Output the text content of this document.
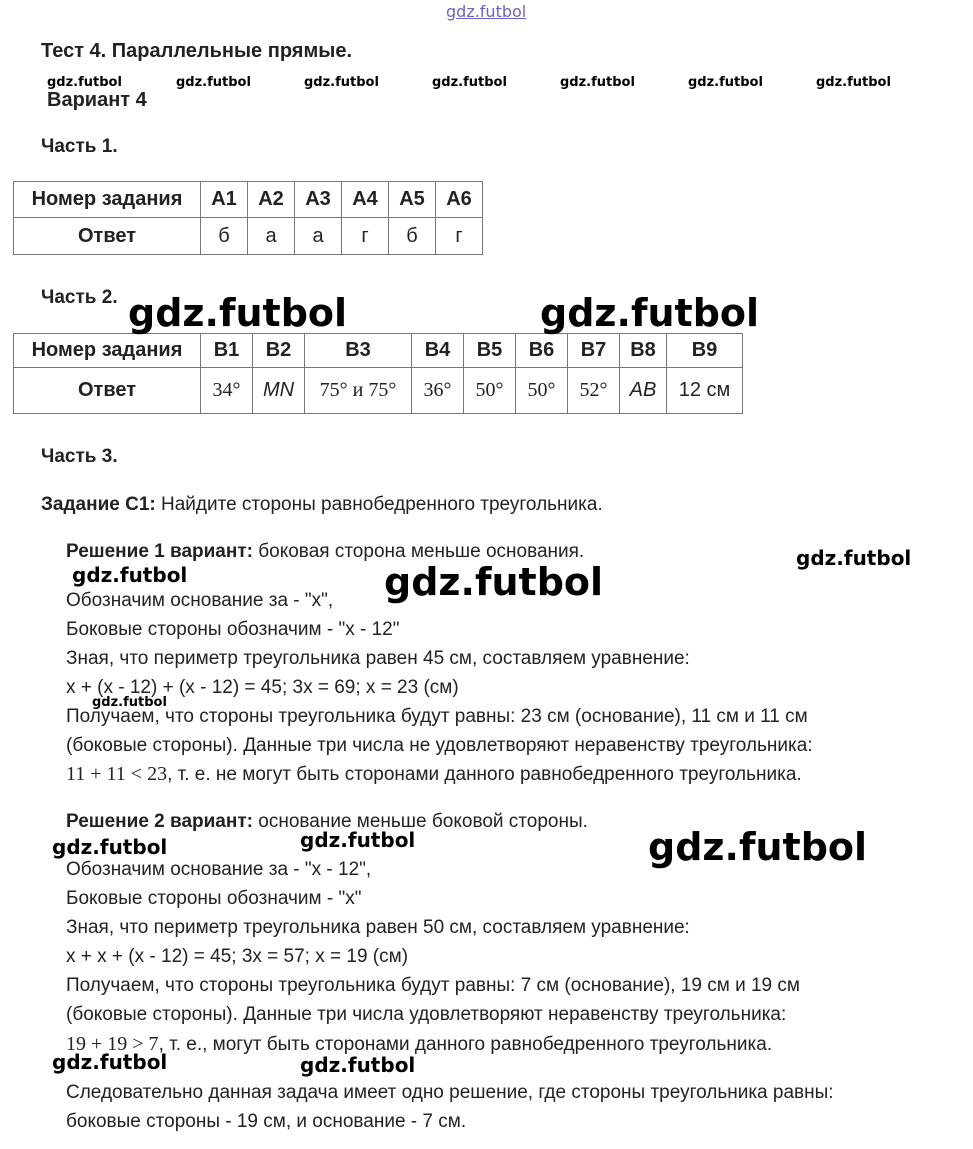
gdz.futbol
Тест 4. Параллельные прямые.
gdz.futbol	gdz.futbol	gdz.futbol	gdz.futbol	gdz.futbol	gdz.futbol	gdz.futbol
Вариант 4
Часть 1.
Номер задания	A1	A2	A3	A4	A5	A6
Ответ	б	а	а	г	б	г
Часть 2.
Номер задания	B1	B2	B3	B4	B5	B6	B7	B8	B9
Ответ	34°	MN	75° и 75°	36°	50°	50°	52°	AB	12 см
gdz.futbol	gdz.futbol
Часть 3.
Задание С1: Найдите стороны равнобедренного треугольника.
Решение 1 вариант: боковая сторона меньше основания.
Обозначим основание за - "х",
Боковые стороны обозначим - "х - 12"
Зная, что периметр треугольника равен 45 см, составляем уравнение:
х + (х - 12) + (х - 12) = 45; 3х = 69; х = 23 (см)
Получаем, что стороны треугольника будут равны: 23 см (основание), 11 см и 11 см
(боковые стороны). Данные три числа не удовлетворяют неравенству треугольника:
11 + 11 < 23, т. е. не могут быть сторонами данного равнобедренного треугольника.
Решение 2 вариант: основание меньше боковой стороны.
Обозначим основание за - "х - 12",
Боковые стороны обозначим - "х"
Зная, что периметр треугольника равен 50 см, составляем уравнение:
х + х + (х - 12) = 45; 3х = 57; х = 19 (см)
Получаем, что стороны треугольника будут равны: 7 см (основание), 19 см и 19 см
(боковые стороны). Данные три числа удовлетворяют неравенству треугольника:
19 + 19 > 7, т. е., могут быть сторонами данного равнобедренного треугольника.
Следовательно данная задача имеет одно решение, где стороны треугольника равны:
боковые стороны - 19 см, и основание - 7 см.
gdz.futbol
gdz.futbol	gdz.futbol
gdz.futbol
gdz.futbol
gdz.futbol	gdz.futbol
gdz.futbol	gdz.futbol
